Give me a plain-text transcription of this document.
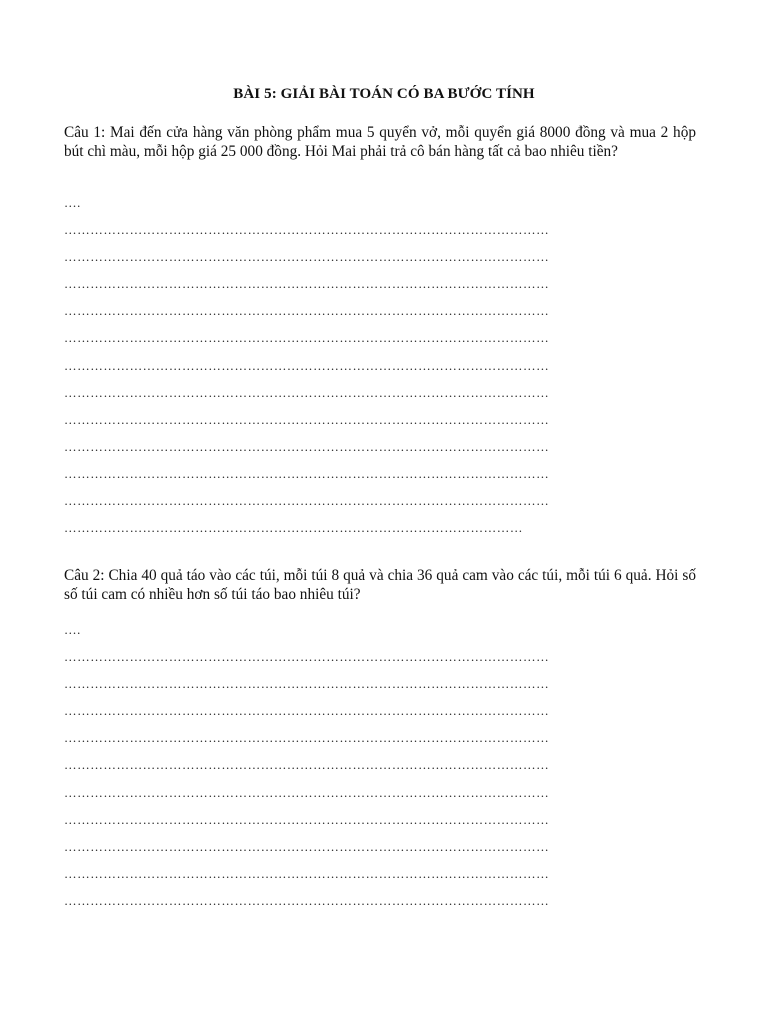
BÀI 5: GIẢI BÀI TOÁN CÓ BA BƯỚC TÍNH

Câu 1: Mai đến cửa hàng văn phòng phẩm mua 5 quyển vở, mỗi quyển giá 8000 đồng và mua 2 hộp bút chì màu, mỗi hộp giá 25 000 đồng. Hỏi Mai phải trả cô bán hàng tất cả bao nhiêu tiền?

….
…………………………………………………………………………………………………
…………………………………………………………………………………………………
…………………………………………………………………………………………………
…………………………………………………………………………………………………
…………………………………………………………………………………………………
…………………………………………………………………………………………………
…………………………………………………………………………………………………
…………………………………………………………………………………………………
…………………………………………………………………………………………………
…………………………………………………………………………………………………
…………………………………………………………………………………………………
……………………………………………………………………………………………

Câu 2: Chia 40 quả táo vào các túi, mỗi túi 8 quả và chia 36 quả cam vào các túi, mỗi túi 6 quả. Hỏi số số túi cam có nhiều hơn số túi táo bao nhiêu túi?

….
…………………………………………………………………………………………………
…………………………………………………………………………………………………
…………………………………………………………………………………………………
…………………………………………………………………………………………………
…………………………………………………………………………………………………
…………………………………………………………………………………………………
…………………………………………………………………………………………………
…………………………………………………………………………………………………
…………………………………………………………………………………………………
…………………………………………………………………………………………………
